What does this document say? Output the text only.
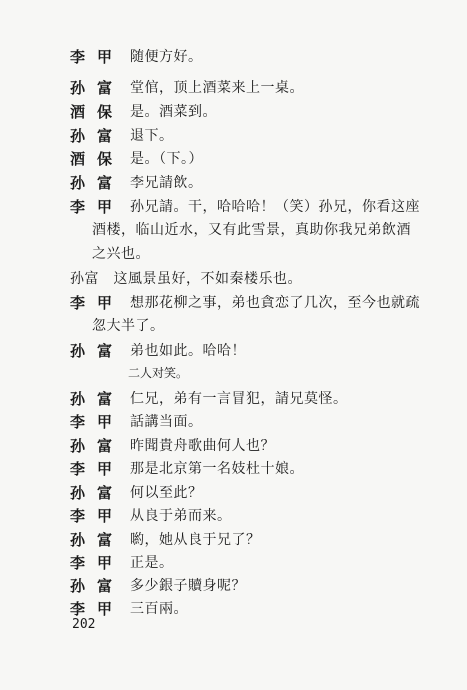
李甲 随便方好。
孙富 堂倌，顶上酒菜来上一桌。
酒保 是。酒菜到。
孙富 退下。
酒保 是。（下。）
孙富 李兄請飲。
李甲 孙兄請。干，哈哈哈！（笑）孙兄，你看这座
酒楼，临山近水，又有此雪景，真助你我兄弟飲酒
之兴也。
孙富　这風景虽好，不如秦楼乐也。
李甲 想那花柳之事，弟也貪恋了几次，至今也就疏
忽大半了。
孙富 弟也如此。哈哈！
二人对笑。
孙富 仁兄，弟有一言冒犯，請兄莫怪。
李甲 話講当面。
孙富 昨聞貴舟歌曲何人也？
李甲 那是北京第一名妓杜十娘。
孙富 何以至此？
李甲 从良于弟而来。
孙富 喲，她从良于兄了？
李甲 正是。
孙富 多少銀子贖身呢？
李甲 三百兩。
202
